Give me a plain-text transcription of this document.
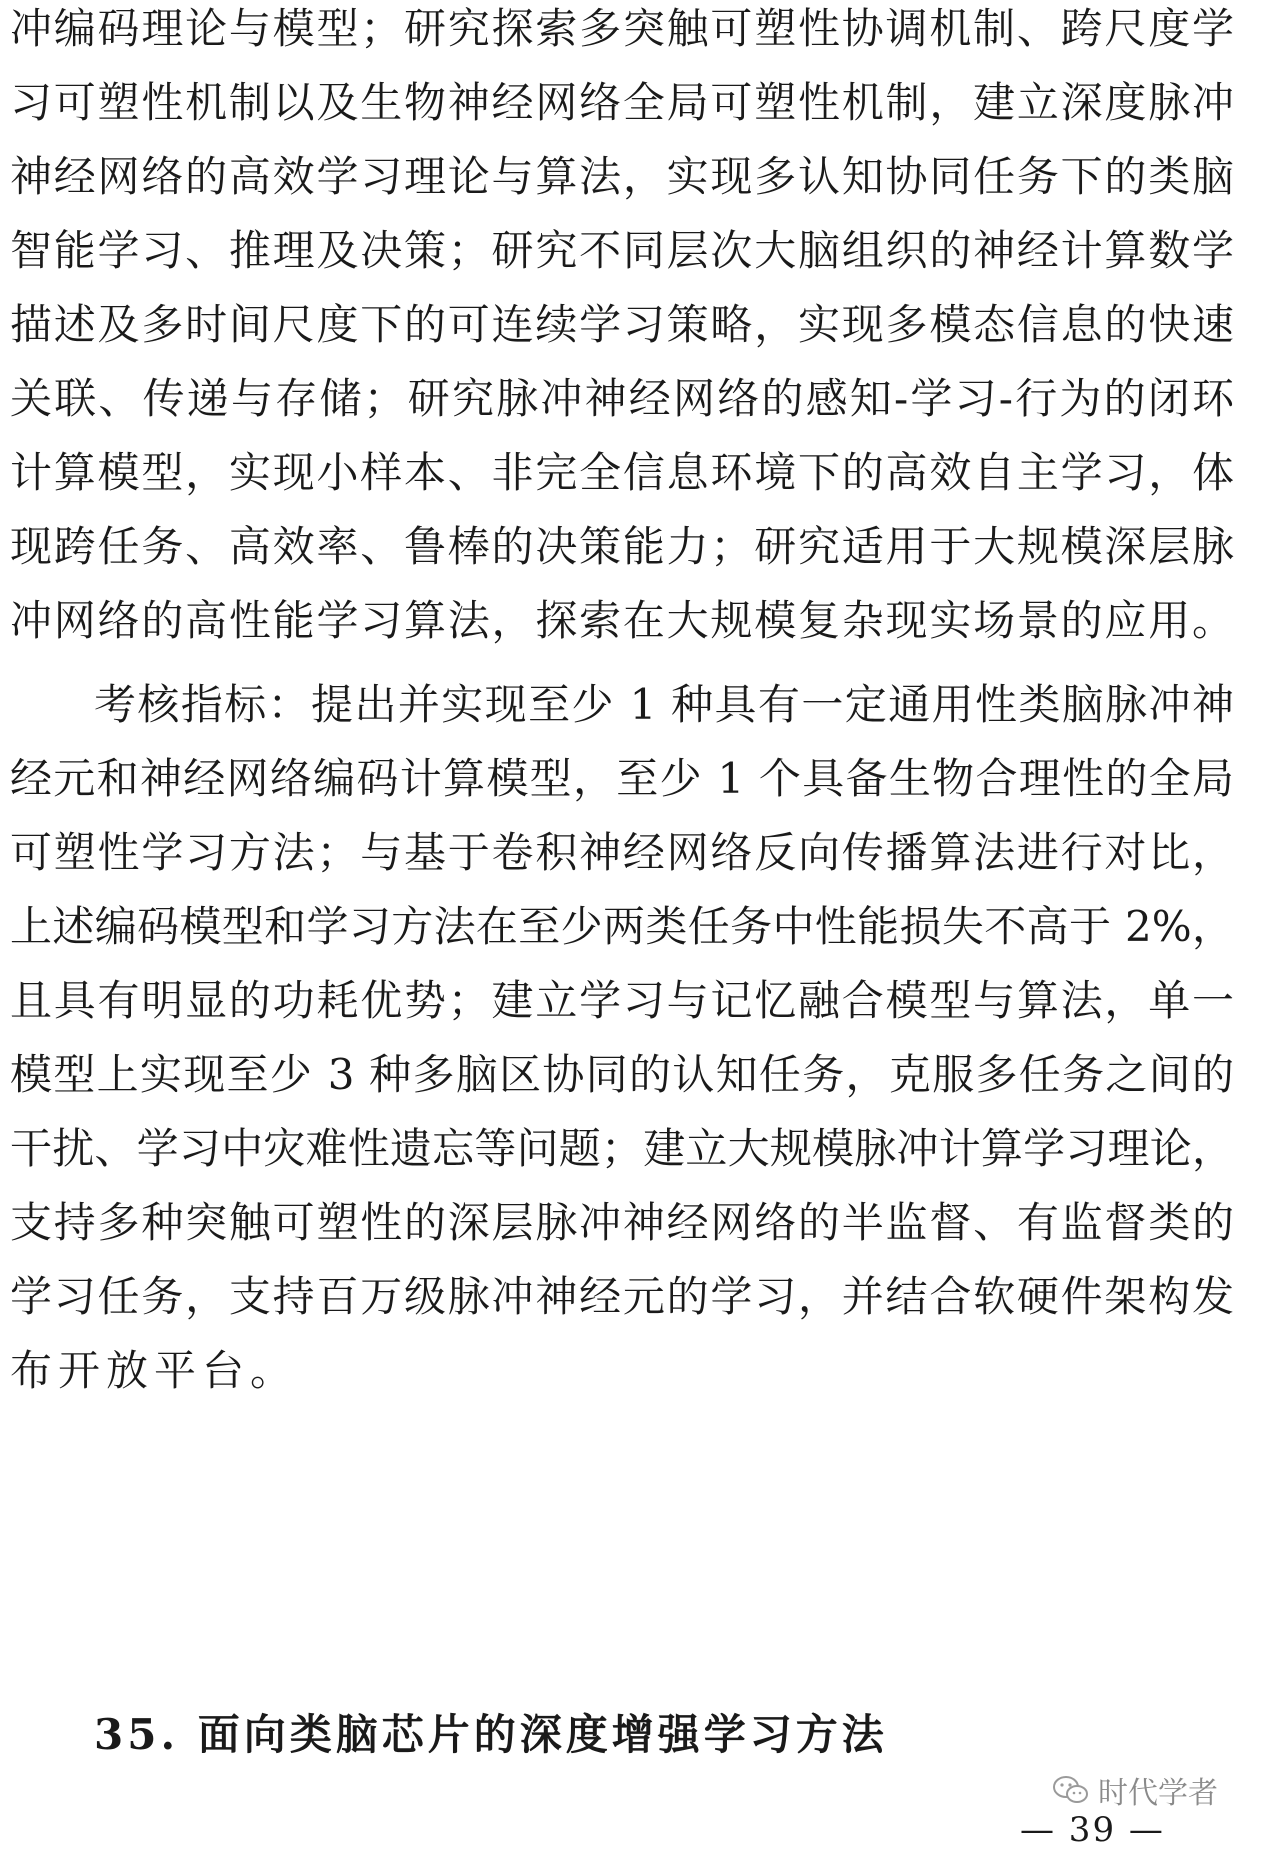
冲编码理论与模型；研究探索多突触可塑性协调机制、跨尺度学
习可塑性机制以及生物神经网络全局可塑性机制，建立深度脉冲
神经网络的高效学习理论与算法，实现多认知协同任务下的类脑
智能学习、推理及决策；研究不同层次大脑组织的神经计算数学
描述及多时间尺度下的可连续学习策略，实现多模态信息的快速
关联、传递与存储；研究脉冲神经网络的感知-学习-行为的闭环
计算模型，实现小样本、非完全信息环境下的高效自主学习，体
现跨任务、高效率、鲁棒的决策能力；研究适用于大规模深层脉
冲网络的高性能学习算法，探索在大规模复杂现实场景的应用。
考核指标：提出并实现至少 1 种具有一定通用性类脑脉冲神
经元和神经网络编码计算模型，至少 1 个具备生物合理性的全局
可塑性学习方法；与基于卷积神经网络反向传播算法进行对比，
上述编码模型和学习方法在至少两类任务中性能损失不高于 2%，
且具有明显的功耗优势；建立学习与记忆融合模型与算法，单一
模型上实现至少 3 种多脑区协同的认知任务，克服多任务之间的
干扰、学习中灾难性遗忘等问题；建立大规模脉冲计算学习理论，
支持多种突触可塑性的深层脉冲神经网络的半监督、有监督类的
学习任务，支持百万级脉冲神经元的学习，并结合软硬件架构发
布开放平台。
35. 面向类脑芯片的深度增强学习方法
时代学者
— 39 —
